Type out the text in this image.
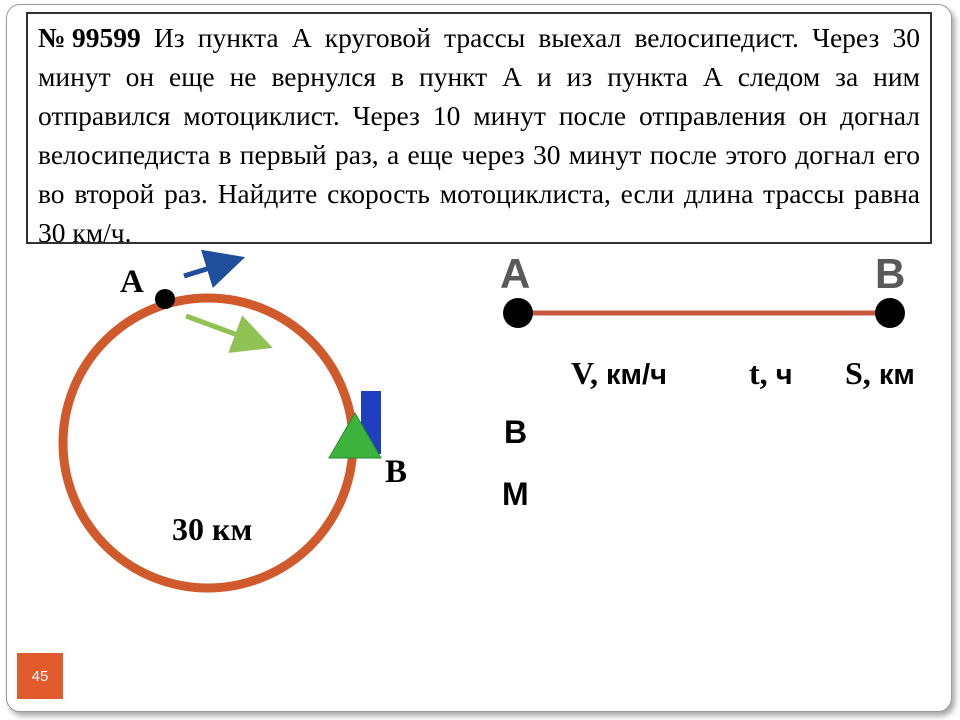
№99599 Из пункта А круговой трассы выехал велосипедист. Через 30 минут он еще не вернулся в пункт А и из пункта А следом за ним отправился мотоциклист. Через 10 минут после отправления он догнал велосипедиста в первый раз, а еще через 30 минут после этого догнал его во второй раз. Найдите скорость мотоциклиста, если длина трассы равна 30 км/ч.
А
В
30 км
А	В
V, км/ч	t, ч S, км
В
М
45
